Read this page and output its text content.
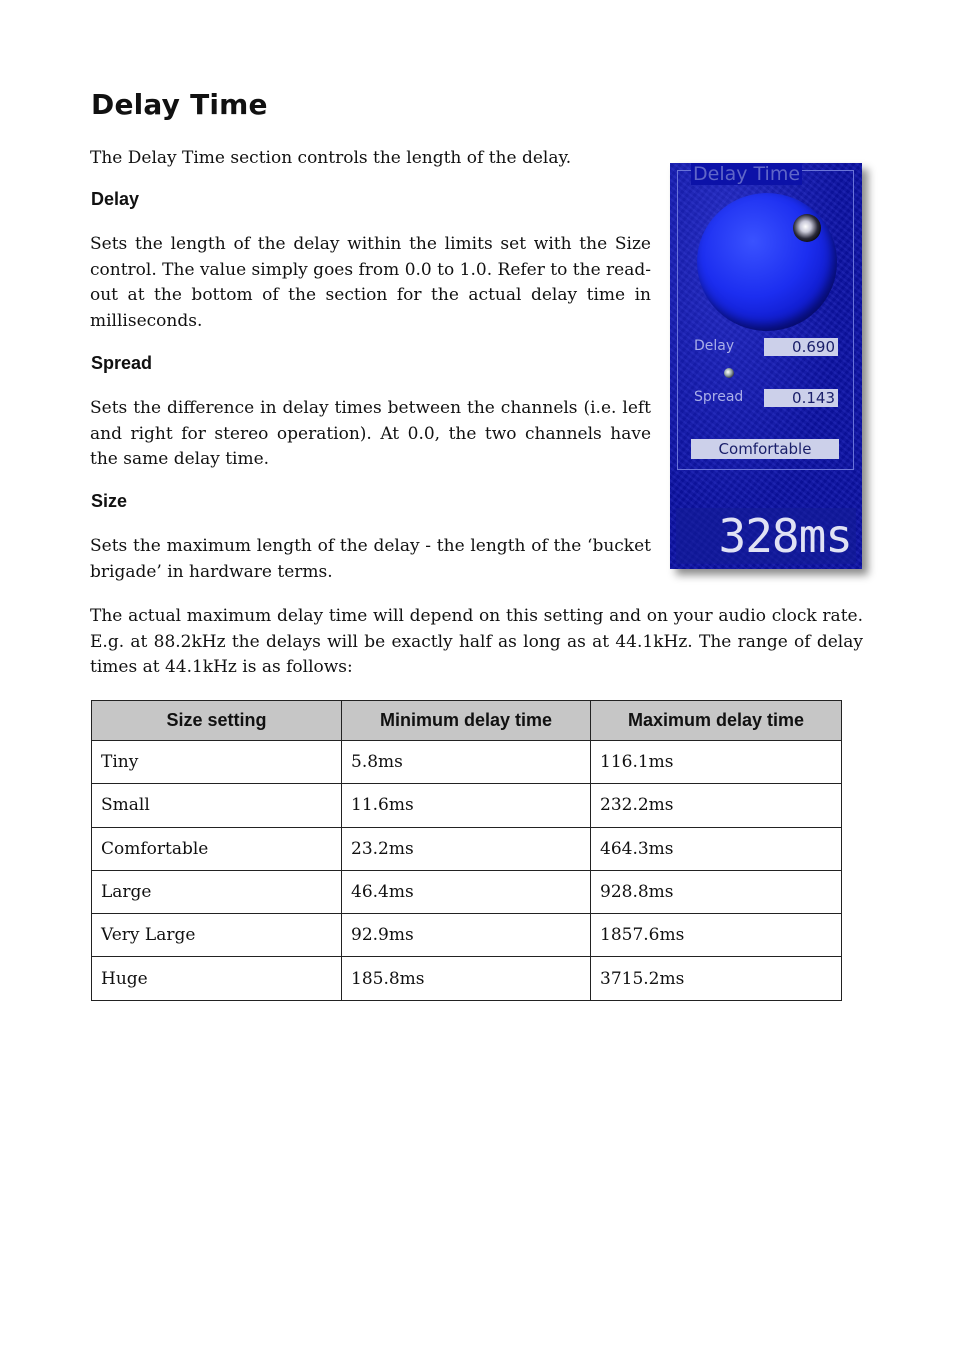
Delay Time

The Delay Time section controls the length of the delay.

Delay

Sets the length of the delay within the limits set with the Size control. The value simply goes from 0.0 to 1.0. Refer to the read-out at the bottom of the section for the actual delay time in milliseconds.

Spread

Sets the difference in delay times between the channels (i.e. left and right for stereo operation). At 0.0, the two channels have the same delay time.

Size

Sets the maximum length of the delay - the length of the ‘bucket brigade’ in hardware terms.

The actual maximum delay time will depend on this setting and on your audio clock rate. E.g. at 88.2kHz the delays will be exactly half as long as at 44.1kHz. The range of delay times at 44.1kHz is as follows:

Delay Time
Delay	0.690
Spread	0.143
Comfortable
328ms
Size setting	Minimum delay time	Maximum delay time
Tiny	5.8ms	116.1ms
Small	11.6ms	232.2ms
Comfortable	23.2ms	464.3ms
Large	46.4ms	928.8ms
Very Large	92.9ms	1857.6ms
Huge	185.8ms	3715.2ms
